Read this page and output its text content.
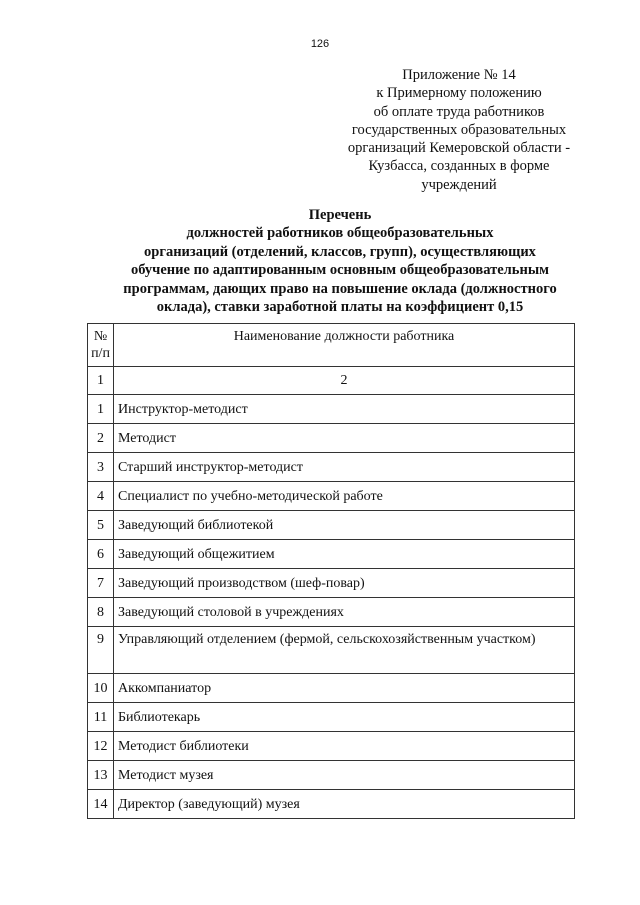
126
Приложение № 14
к Примерному положению
об оплате труда работников
государственных образовательных
организаций Кемеровской области -
Кузбасса, созданных в форме
учреждений
Перечень
должностей работников общеобразовательных
организаций (отделений, классов, групп), осуществляющих
обучение по адаптированным основным общеобразовательным
программам, дающих право на повышение оклада (должностного
оклада), ставки заработной платы на коэффициент 0,15
№
п/п	Наименование должности работника
1	2
1	Инструктор-методист
2	Методист
3	Старший инструктор-методист
4	Специалист по учебно-методической работе
5	Заведующий библиотекой
6	Заведующий общежитием
7	Заведующий производством (шеф-повар)
8	Заведующий столовой в учреждениях
9	Управляющий отделением (фермой, сельскохозяйственным участком)
10	Аккомпаниатор
11	Библиотекарь
12	Методист библиотеки
13	Методист музея
14	Директор (заведующий) музея
